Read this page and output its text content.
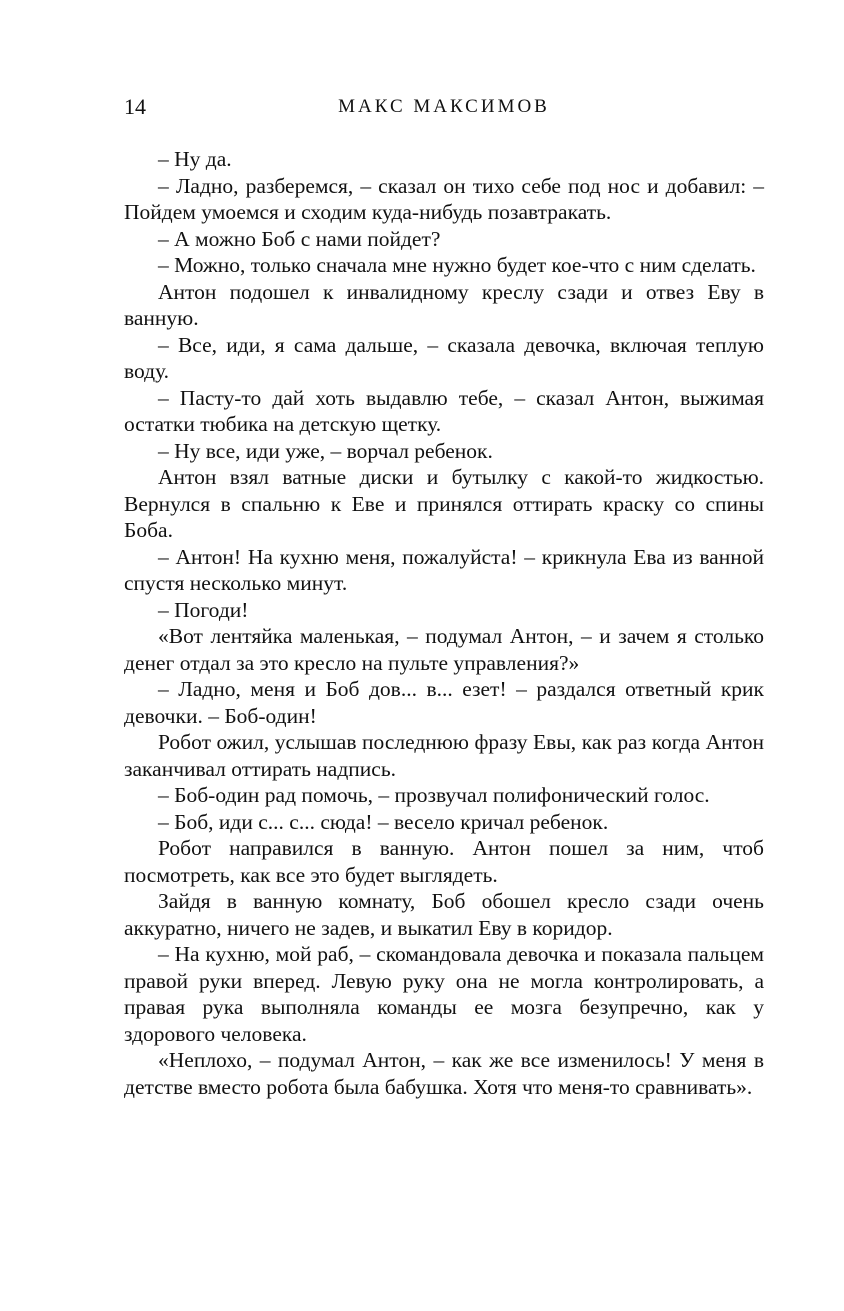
14	МАКС МАКСИМОВ

– Ну да.

– Ладно, разберемся, – сказал он тихо себе под нос и добавил: – Пойдем умоемся и сходим куда-нибудь позавтракать.

– А можно Боб с нами пойдет?

– Можно, только сначала мне нужно будет кое-что с ним сделать.

Антон подошел к инвалидному креслу сзади и отвез Еву в ванную.

– Все, иди, я сама дальше, – сказала девочка, включая теплую воду.

– Пасту-то дай хоть выдавлю тебе, – сказал Антон, выжимая остатки тюбика на детскую щетку.

– Ну все, иди уже, – ворчал ребенок.

Антон взял ватные диски и бутылку с какой-то жидкостью. Вернулся в спальню к Еве и принялся оттирать краску со спины Боба.

– Антон! На кухню меня, пожалуйста! – крикнула Ева из ванной спустя несколько минут.

– Погоди!

«Вот лентяйка маленькая, – подумал Антон, – и зачем я столько денег отдал за это кресло на пульте управления?»

– Ладно, меня и Боб дов... в... езет! – раздался ответный крик девочки. – Боб-один!

Робот ожил, услышав последнюю фразу Евы, как раз когда Антон заканчивал оттирать надпись.

– Боб-один рад помочь, – прозвучал полифонический голос.

– Боб, иди с... с... сюда! – весело кричал ребенок.

Робот направился в ванную. Антон пошел за ним, чтоб посмотреть, как все это будет выглядеть.

Зайдя в ванную комнату, Боб обошел кресло сзади очень аккуратно, ничего не задев, и выкатил Еву в коридор.

– На кухню, мой раб, – скомандовала девочка и показала пальцем правой руки вперед. Левую руку она не могла контролировать, а правая рука выполняла команды ее мозга безупречно, как у здорового человека.

«Неплохо, – подумал Антон, – как же все изменилось! У меня в детстве вместо робота была бабушка. Хотя что меня-то сравнивать».
